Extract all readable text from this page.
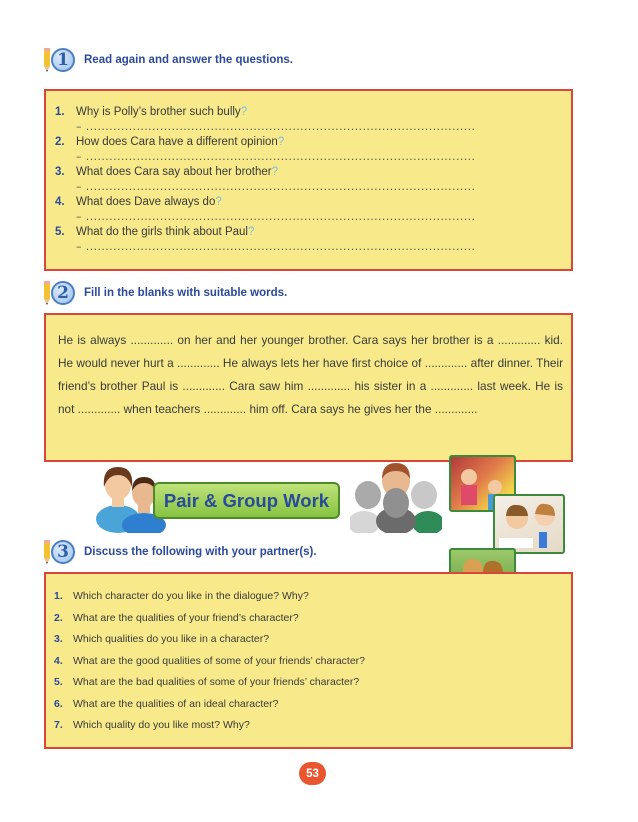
1	Read again and answer the questions.
1. Why is Polly’s brother such bully ?
– ....................................................................................................
2. How does Cara have a different opinion ?
– ....................................................................................................
3. What does Cara say about her brother ?
– ....................................................................................................
4. What does Dave always do ?
– ....................................................................................................
5. What do the girls think about Paul ?
– ....................................................................................................
2	Fill in the blanks with suitable words.

He is always ............. on her and her younger brother. Cara says her brother is a ............. kid. He would never hurt a ............. He always lets her have first choice of ............. after dinner. Their friend’s brother Paul is ............. Cara saw him ............. his sister in a ............. last week. He is not ............. when teachers ............. him off. Cara says he gives her the .............

Pair & Group Work
3	Discuss the following with your partner(s).
1. Which character do you like in the dialogue? Why?
2. What are the qualities of your friend’s character?
3. Which qualities do you like in a character?
4. What are the good qualities of some of your friends’ character?
5. What are the bad qualities of some of your friends’ character?
6. What are the qualities of an ideal character?
7. Which quality do you like most? Why?
53
